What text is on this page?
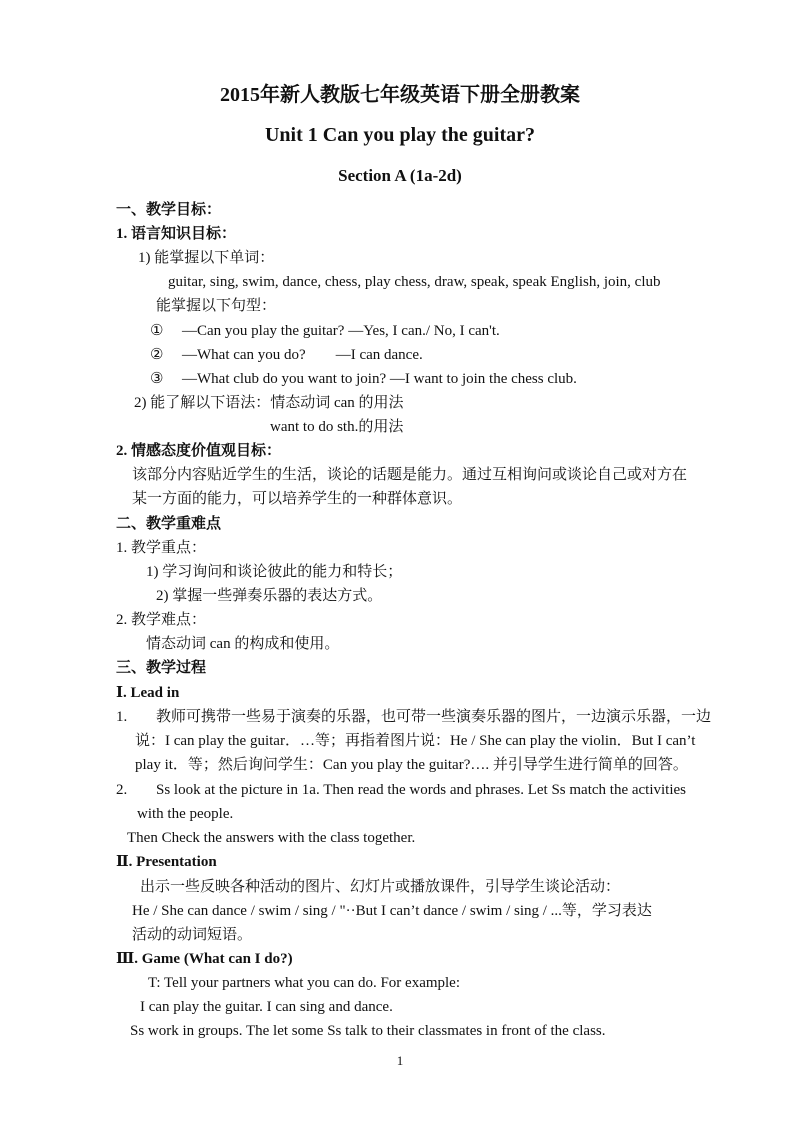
2015年新人教版七年级英语下册全册教案
Unit 1 Can you play the guitar?
Section A (1a-2d)
一、教学目标：
1. 语言知识目标：
1) 能掌握以下单词：
guitar, sing, swim, dance, chess, play chess, draw, speak, speak English, join, club
能掌握以下句型：
① —Can you play the guitar? —Yes, I can./ No, I can't.
② —What can you do?        —I can dance.
③ —What club do you want to join? —I want to join the chess club.
2) 能了解以下语法：情态动词 can 的用法
want to do sth.的用法
2. 情感态度价值观目标：
该部分内容贴近学生的生活，谈论的话题是能力。通过互相询问或谈论自己或对方在
某一方面的能力，可以培养学生的一种群体意识。
二、教学重难点
1. 教学重点：
1) 学习询问和谈论彼此的能力和特长；
2) 掌握一些弹奏乐器的表达方式。
2. 教学难点：
情态动词 can 的构成和使用。
三、教学过程
Ⅰ. Lead in
1. 教师可携带一些易于演奏的乐器，也可带一些演奏乐器的图片，一边演示乐器，一边
说：I can play the guitar．…等；再指着图片说：He / She can play the violin．But I can’t
play it．等；然后询问学生：Can you play the guitar?…. 并引导学生进行简单的回答。
2. Ss look at the picture in 1a. Then read the words and phrases. Let Ss match the activities
with the people.
Then Check the answers with the class together.
Ⅱ. Presentation
出示一些反映各种活动的图片、幻灯片或播放课件，引导学生谈论活动：
He / She can dance / swim / sing / "··But I can’t dance / swim / sing / ...等，学习表达
活动的动词短语。
Ⅲ. Game (What can I do?)
T: Tell your partners what you can do. For example:
I can play the guitar. I can sing and dance.
Ss work in groups. The let some Ss talk to their classmates in front of the class.
1
